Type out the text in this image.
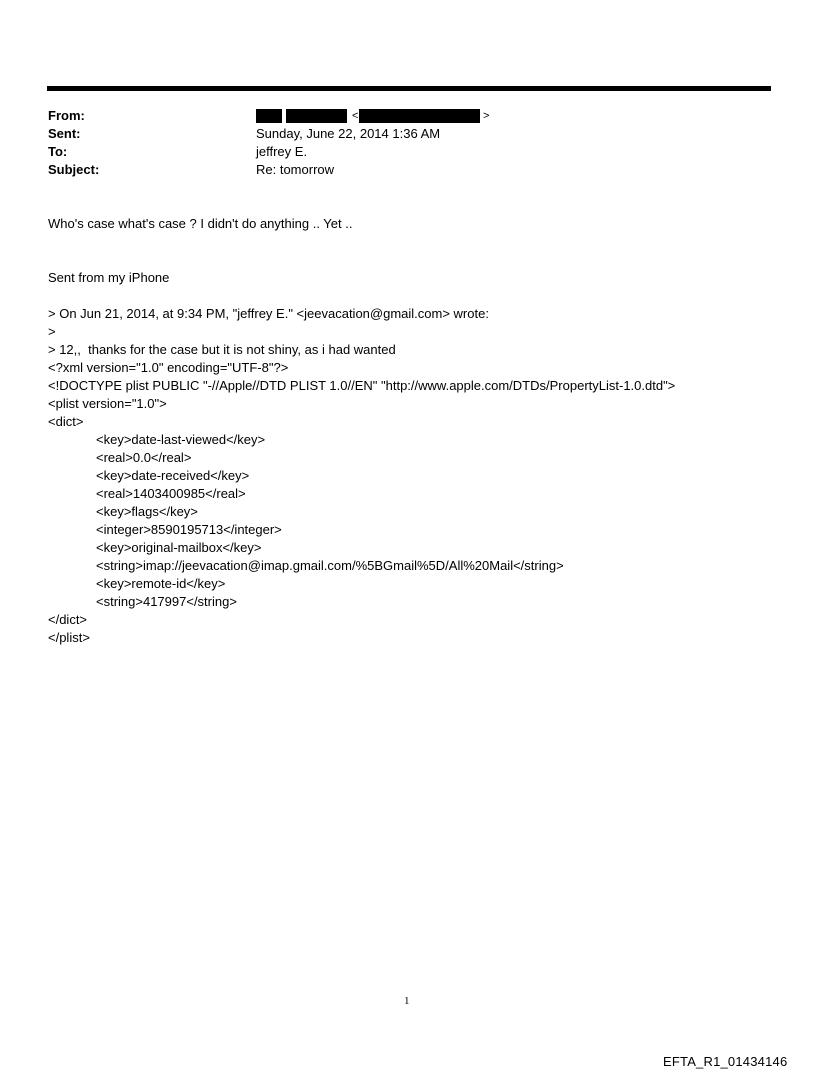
From:	<	>
Sent:	Sunday, June 22, 2014 1:36 AM
To:	jeffrey E.
Subject:	Re: tomorrow
Who's case what's case ? I didn't do anything .. Yet ..
Sent from my iPhone
> On Jun 21, 2014, at 9:34 PM, "jeffrey E." <jeevacation@gmail.com> wrote:
>
> 12,,  thanks for the case but it is not shiny, as i had wanted
<?xml version="1.0" encoding="UTF-8"?>
<!DOCTYPE plist PUBLIC "-//Apple//DTD PLIST 1.0//EN" "http://www.apple.com/DTDs/PropertyList-1.0.dtd">
<plist version="1.0">
<dict>
<key>date-last-viewed</key>
<real>0.0</real>
<key>date-received</key>
<real>1403400985</real>
<key>flags</key>
<integer>8590195713</integer>
<key>original-mailbox</key>
<string>imap://jeevacation@imap.gmail.com/%5BGmail%5D/All%20Mail</string>
<key>remote-id</key>
<string>417997</string>
</dict>
</plist>
1
EFTA_R1_01434146
